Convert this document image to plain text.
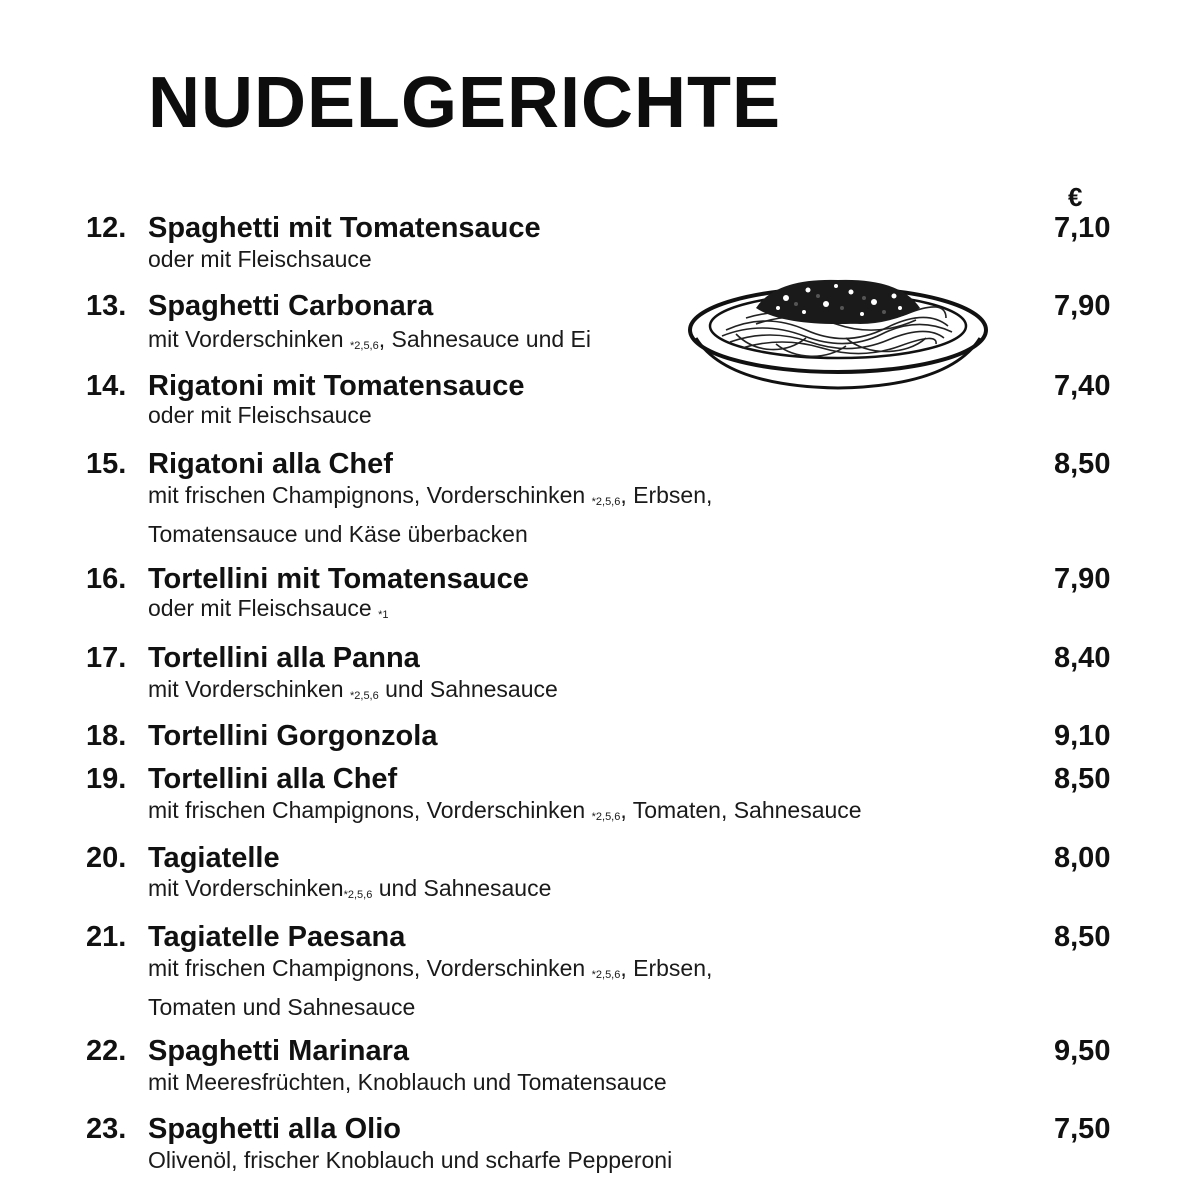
NUDELGERICHTE
€
12. Spaghetti mit Tomatensauce	7,10
oder mit Fleischsauce
13. Spaghetti Carbonara	7,90
mit Vorderschinken $_{*2,5,6}$, Sahnesauce und Ei
14. Rigatoni mit Tomatensauce	7,40
oder mit Fleischsauce
15. Rigatoni alla Chef	8,50
mit frischen Champignons, Vorderschinken $_{*2,5,6}$, Erbsen,
Tomatensauce und Käse überbacken
16. Tortellini mit Tomatensauce	7,90
oder mit Fleischsauce $_{*1}$
17. Tortellini alla Panna	8,40
mit Vorderschinken $_{*2,5,6}$ und Sahnesauce
18. Tortellini Gorgonzola	9,10
19. Tortellini alla Chef	8,50
mit frischen Champignons, Vorderschinken $_{*2,5,6}$, Tomaten, Sahnesauce
20. Tagiatelle	8,00
mit Vorderschinken$_{*2,5,6}$ und Sahnesauce
21. Tagiatelle Paesana	8,50
mit frischen Champignons, Vorderschinken $_{*2,5,6}$, Erbsen,
Tomaten und Sahnesauce
22. Spaghetti Marinara	9,50
mit Meeresfrüchten, Knoblauch und Tomatensauce
23. Spaghetti alla Olio	7,50
Olivenöl, frischer Knoblauch und scharfe Pepperoni
